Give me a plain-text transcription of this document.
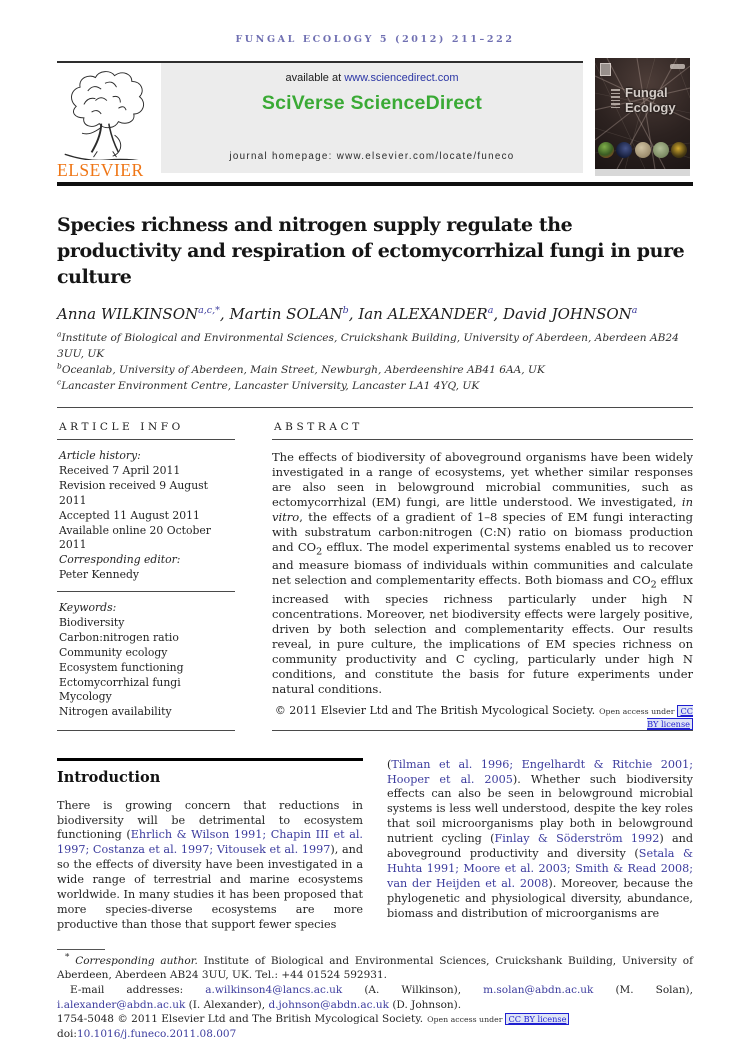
FUNGAL ECOLOGY 5 (2012) 211–222
ELSEVIER
available at www.sciencedirect.com
SciVerse ScienceDirect
journal homepage: www.elsevier.com/locate/funeco
Fungal
Ecology
Species richness and nitrogen supply regulate the productivity and respiration of ectomycorrhizal fungi in pure culture
Anna $WILKINSON^{a,c,*}$, Martin SOLAN$^b$, Ian ALEXANDER$^a$, David JOHNSON$^a$
$^a$Institute of Biological and Environmental Sciences, Cruickshank Building, University of Aberdeen, Aberdeen AB24 3UU, UK
$^b$Oceanlab, University of Aberdeen, Main Street, Newburgh, Aberdeenshire AB41 6AA, UK
$^c$Lancaster Environment Centre, Lancaster University, Lancaster LA1 4YQ, UK
ARTICLE INFO
Article history:
Received 7 April 2011
Revision received 9 August 2011
Accepted 11 August 2011
Available online 20 October 2011
Corresponding editor:
Peter Kennedy
Keywords:
Biodiversity
Carbon:nitrogen ratio
Community ecology
Ecosystem functioning
Ectomycorrhizal fungi
Mycology
Nitrogen availability
ABSTRACT

The effects of biodiversity of aboveground organisms have been widely investigated in a range of ecosystems, yet whether similar responses are also seen in belowground microbial communities, such as ectomycorrhizal (EM) fungi, are little understood. We investigated, in vitro, the effects of a gradient of 1–8 species of EM fungi interacting with substratum carbon:nitrogen (C:N) ratio on biomass production and $CO_2$ efflux. The model experimental systems enabled us to recover and measure biomass of individuals within communities and calculate net selection and complementarity effects. Both biomass and $CO_2$ efflux increased with species richness particularly under high N concentrations. Moreover, net biodiversity effects were largely positive, driven by both selection and complementarity effects. Our results reveal, in pure culture, the implications of EM species richness on community productivity and C cycling, particularly under high N conditions, and constitute the basis for future experiments under natural conditions.

© 2011 Elsevier Ltd and The British Mycological Society. Open access under CC BY license
Introduction

There is growing concern that reductions in biodiversity will be detrimental to ecosystem functioning (Ehrlich & Wilson 1991; Chapin III et al. 1997; Costanza et al. 1997; Vitousek et al. 1997), and so the effects of diversity have been investigated in a wide range of terrestrial and marine ecosystems worldwide. In many studies it has been proposed that more species-diverse ecosystems are more productive than those that support fewer species

(Tilman et al. 1996; Engelhardt & Ritchie 2001; Hooper et al. 2005). Whether such biodiversity effects can also be seen in belowground microbial systems is less well understood, despite the key roles that soil microorganisms play both in belowground nutrient cycling (Finlay & Söderström 1992) and aboveground productivity and diversity (Setala & Huhta 1991; Moore et al. 2003; Smith & Read 2008; van der Heijden et al. 2008). Moreover, because the phylogenetic and physiological diversity, abundance, biomass and distribution of microorganisms are

* Corresponding author. Institute of Biological and Environmental Sciences, Cruickshank Building, University of Aberdeen, Aberdeen AB24 3UU, UK. Tel.: +44 01524 592931.

E-mail addresses: a.wilkinson4@lancs.ac.uk (A. Wilkinson), m.solan@abdn.ac.uk (M. Solan), i.alexander@abdn.ac.uk (I. Alexander), d.johnson@abdn.ac.uk (D. Johnson).

1754-5048 © 2011 Elsevier Ltd and The British Mycological Society. Open access under CC BY license

doi:10.1016/j.funeco.2011.08.007
